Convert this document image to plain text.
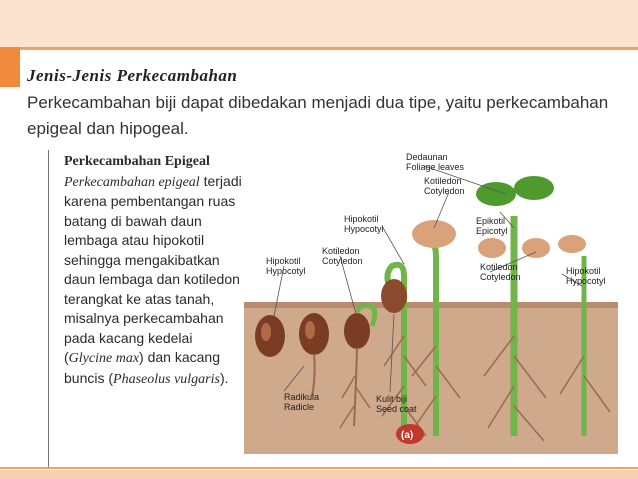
Jenis-Jenis Perkecambahan
Perkecambahan biji dapat dibedakan menjadi dua tipe, yaitu perkecambahan epigeal dan hipogeal.
Perkecambahan Epigeal
Perkecambahan epigeal terjadi karena pembentangan ruas batang di bawah daun lembaga atau hipokotil sehingga mengakibatkan daun lembaga dan kotiledon terangkat ke atas tanah, misalnya perkecambahan pada kacang kedelai (Glycine max) dan kacang buncis (Phaseolus vulgaris).
Dedaunan
Foliage leaves
Kotiledon
Cotyledon
Hipokotil
Hypocotyl
Epikotil
Epicotyl
Hipokotil
Hypocotyl
Kotiledon
Cotyledon
Kotiledon
Cotyledon
Hipokotil
Hypocotyl
Radikula
Radicle
Kulit biji
Seed coat
(a)
